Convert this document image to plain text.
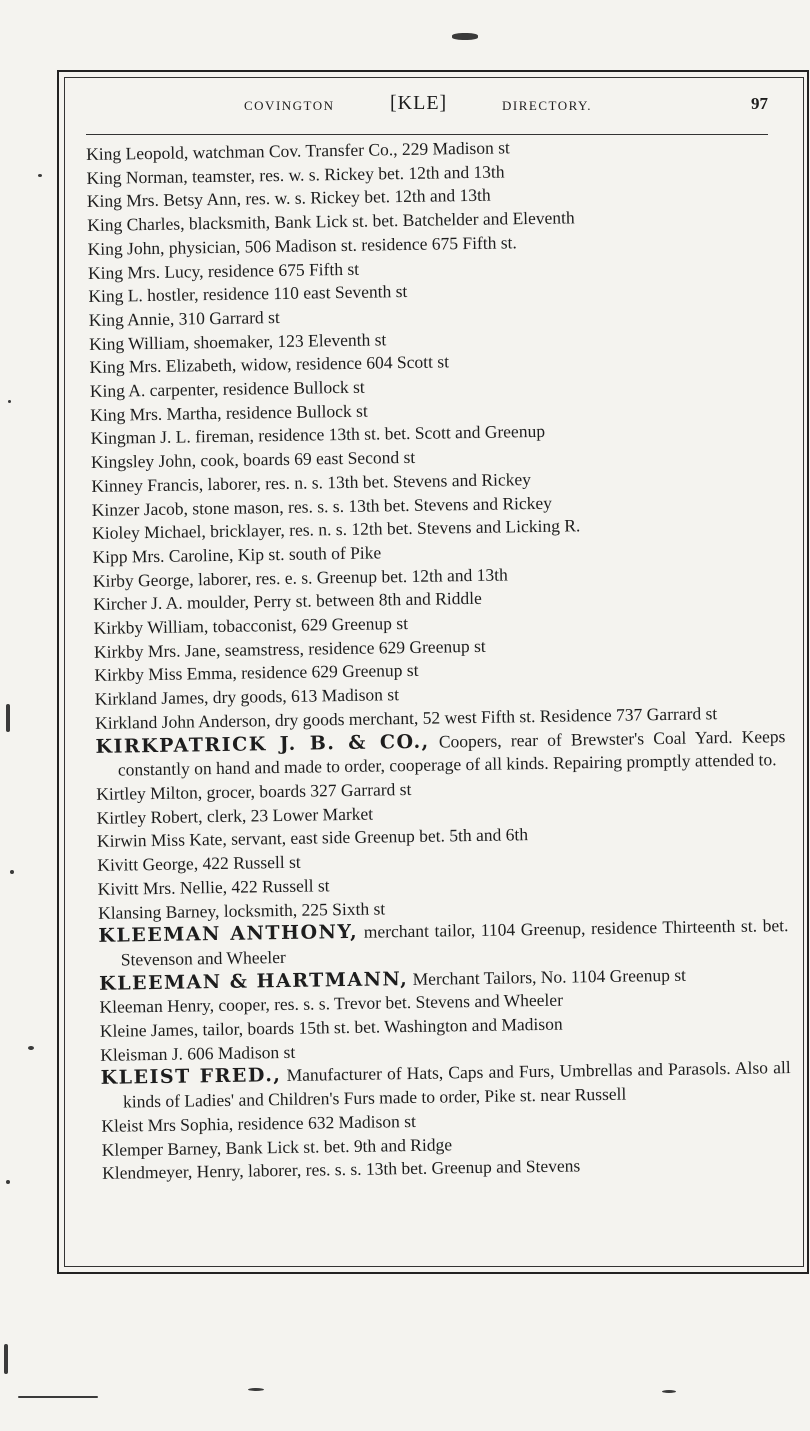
COVINGTON	[KLE]	DIRECTORY.	97
King Leopold, watchman Cov. Transfer Co., 229 Madison st
King Norman, teamster, res. w. s. Rickey bet. 12th and 13th
King Mrs. Betsy Ann, res. w. s. Rickey bet. 12th and 13th
King Charles, blacksmith, Bank Lick st. bet. Batchelder and Eleventh
King John, physician, 506 Madison st. residence 675 Fifth st.
King Mrs. Lucy, residence 675 Fifth st
King L. hostler, residence 110 east Seventh st
King Annie, 310 Garrard st
King William, shoemaker, 123 Eleventh st
King Mrs. Elizabeth, widow, residence 604 Scott st
King A. carpenter, residence Bullock st
King Mrs. Martha, residence Bullock st
Kingman J. L. fireman, residence 13th st. bet. Scott and Greenup
Kingsley John, cook, boards 69 east Second st
Kinney Francis, laborer, res. n. s. 13th bet. Stevens and Rickey
Kinzer Jacob, stone mason, res. s. s. 13th bet. Stevens and Rickey
Kioley Michael, bricklayer, res. n. s. 12th bet. Stevens and Licking R.
Kipp Mrs. Caroline, Kip st. south of Pike
Kirby George, laborer, res. e. s. Greenup bet. 12th and 13th
Kircher J. A. moulder, Perry st. between 8th and Riddle
Kirkby William, tobacconist, 629 Greenup st
Kirkby Mrs. Jane, seamstress, residence 629 Greenup st
Kirkby Miss Emma, residence 629 Greenup st
Kirkland James, dry goods, 613 Madison st
Kirkland John Anderson, dry goods merchant, 52 west Fifth st. Residence 737 Garrard st
KIRKPATRICK J. B. & CO., Coopers, rear of Brewster's Coal Yard. Keeps constantly on hand and made to order, cooperage of all kinds. Repairing promptly attended to.
Kirtley Milton, grocer, boards 327 Garrard st
Kirtley Robert, clerk, 23 Lower Market
Kirwin Miss Kate, servant, east side Greenup bet. 5th and 6th
Kivitt George, 422 Russell st
Kivitt Mrs. Nellie, 422 Russell st
Klansing Barney, locksmith, 225 Sixth st
KLEEMAN ANTHONY, merchant tailor, 1104 Greenup, residence Thirteenth st. bet. Stevenson and Wheeler
KLEEMAN & HARTMANN, Merchant Tailors, No. 1104 Greenup st
Kleeman Henry, cooper, res. s. s. Trevor bet. Stevens and Wheeler
Kleine James, tailor, boards 15th st. bet. Washington and Madison
Kleisman J. 606 Madison st
KLEIST FRED., Manufacturer of Hats, Caps and Furs, Umbrellas and Parasols. Also all kinds of Ladies' and Children's Furs made to order, Pike st. near Russell
Kleist Mrs Sophia, residence 632 Madison st
Klemper Barney, Bank Lick st. bet. 9th and Ridge
Klendmeyer, Henry, laborer, res. s. s. 13th bet. Greenup and Stevens
